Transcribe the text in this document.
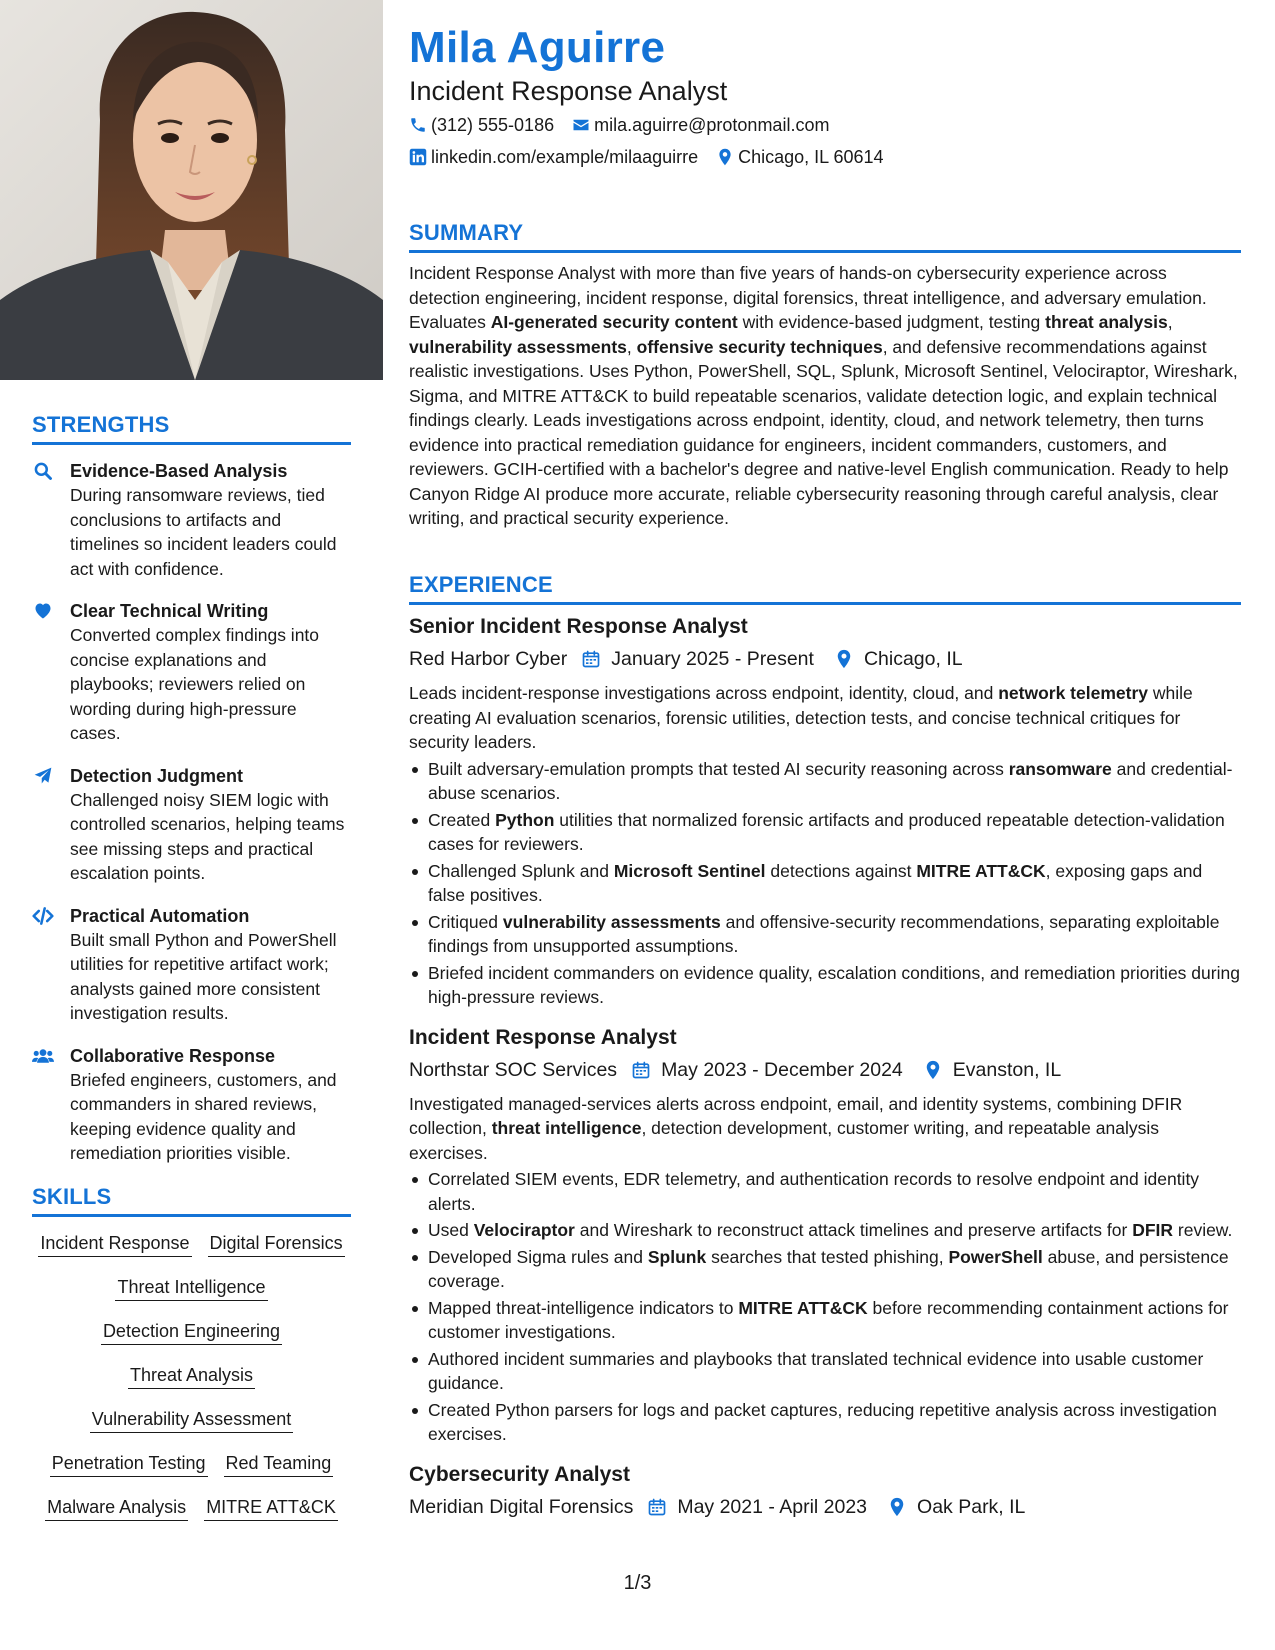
STRENGTHS
Evidence-Based Analysis
During ransomware reviews, tied conclusions to artifacts and timelines so incident leaders could act with confidence.
Clear Technical Writing
Converted complex findings into concise explanations and playbooks; reviewers relied on wording during high-pressure cases.
Detection Judgment
Challenged noisy SIEM logic with controlled scenarios, helping teams see missing steps and practical escalation points.
Practical Automation
Built small Python and PowerShell utilities for repetitive artifact work; analysts gained more consistent investigation results.
Collaborative Response
Briefed engineers, customers, and commanders in shared reviews, keeping evidence quality and remediation priorities visible.
SKILLS
Incident Response Digital Forensics
Threat Intelligence
Detection Engineering
Threat Analysis
Vulnerability Assessment
Penetration Testing Red Teaming
Malware Analysis MITRE ATT&CK
Mila Aguirre
Incident Response Analyst
(312) 555-0186 mila.aguirre@protonmail.com
linkedin.com/example/milaaguirre Chicago, IL 60614
SUMMARY
Incident Response Analyst with more than five years of hands-on cybersecurity experience across detection engineering, incident response, digital forensics, threat intelligence, and adversary emulation. Evaluates AI-generated security content with evidence-based judgment, testing threat analysis, vulnerability assessments, offensive security techniques, and defensive recommendations against realistic investigations. Uses Python, PowerShell, SQL, Splunk, Microsoft Sentinel, Velociraptor, Wireshark, Sigma, and MITRE ATT&CK to build repeatable scenarios, validate detection logic, and explain technical findings clearly. Leads investigations across endpoint, identity, cloud, and network telemetry, then turns evidence into practical remediation guidance for engineers, incident commanders, customers, and reviewers. GCIH-certified with a bachelor's degree and native-level English communication. Ready to help Canyon Ridge AI produce more accurate, reliable cybersecurity reasoning through careful analysis, clear writing, and practical security experience.
EXPERIENCE
Senior Incident Response Analyst
Red Harbor Cyber January 2025 - Present	Chicago, IL
Leads incident-response investigations across endpoint, identity, cloud, and network telemetry while creating AI evaluation scenarios, forensic utilities, detection tests, and concise technical critiques for security leaders.
Built adversary-emulation prompts that tested AI security reasoning across ransomware and credential-abuse scenarios.
Created Python utilities that normalized forensic artifacts and produced repeatable detection-validation cases for reviewers.
Challenged Splunk and Microsoft Sentinel detections against MITRE ATT&CK, exposing gaps and false positives.
Critiqued vulnerability assessments and offensive-security recommendations, separating exploitable findings from unsupported assumptions.
Briefed incident commanders on evidence quality, escalation conditions, and remediation priorities during high-pressure reviews.
Incident Response Analyst
Northstar SOC Services May 2023 - December 2024	Evanston, IL
Investigated managed-services alerts across endpoint, email, and identity systems, combining DFIR collection, threat intelligence, detection development, customer writing, and repeatable analysis exercises.
Correlated SIEM events, EDR telemetry, and authentication records to resolve endpoint and identity alerts.
Used Velociraptor and Wireshark to reconstruct attack timelines and preserve artifacts for DFIR review.
Developed Sigma rules and Splunk searches that tested phishing, PowerShell abuse, and persistence coverage.
Mapped threat-intelligence indicators to MITRE ATT&CK before recommending containment actions for customer investigations.
Authored incident summaries and playbooks that translated technical evidence into usable customer guidance.
Created Python parsers for logs and packet captures, reducing repetitive analysis across investigation exercises.
Cybersecurity Analyst
Meridian Digital Forensics May 2021 - April 2023	Oak Park, IL
1/3
